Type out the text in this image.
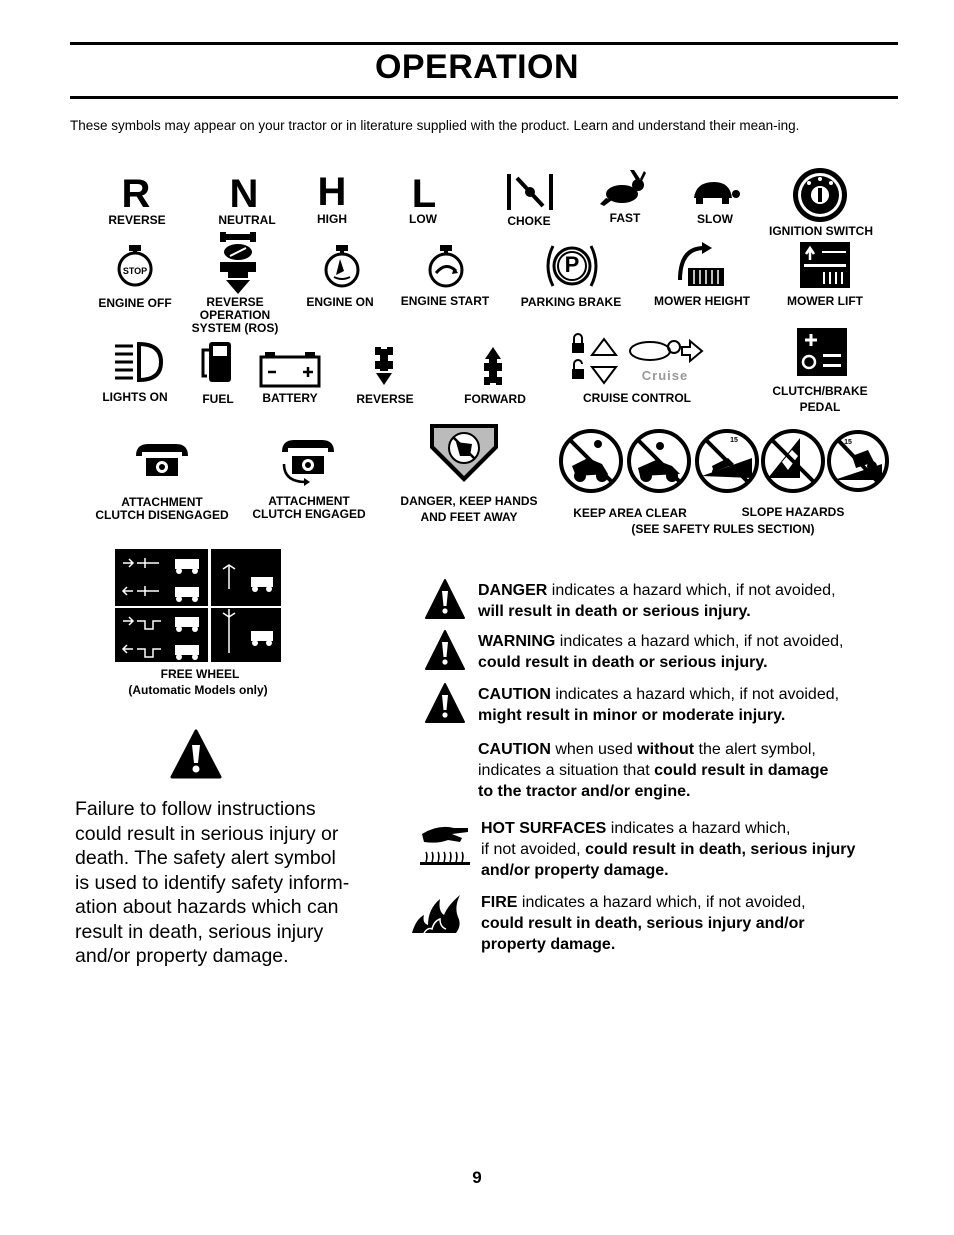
OPERATION
These symbols may appear on your tractor or in literature supplied with the product. Learn and understand their mean-ing.
R
REVERSE
N
NEUTRAL
H
HIGH
L
LOW	CHOKE	FAST	SLOW
IGNITION SWITCH
STOP
ENGINE OFF	REVERSE
OPERATION
SYSTEM (ROS)
ENGINE ON	ENGINE START
P
PARKING BRAKE	MOWER HEIGHT	MOWER LIFT
LIGHTS ON	FUEL	BATTERY	REVERSE	FORWARD
Cruise
CRUISE CONTROL	CLUTCH/BRAKE
PEDAL
ATTACHMENT
CLUTCH DISENGAGED
ATTACHMENT
CLUTCH ENGAGED
DANGER, KEEP HANDS
AND FEET AWAY
15	15
KEEP AREA CLEAR	SLOPE HAZARDS
(SEE SAFETY RULES SECTION)
FREE WHEEL
(Automatic Models only)
Failure to follow instructions
could result in serious injury or
death. The safety alert symbol
is used to identify safety inform-
ation about hazards which can
result in death, serious injury
and/or property damage.

DANGER indicates a hazard which, if not avoided,

will result in death or serious injury.

WARNING indicates a hazard which, if not avoided,

could result in death or serious injury.

CAUTION indicates a hazard which, if not avoided,

might result in minor or moderate injury.

CAUTION when used without the alert symbol,

indicates a situation that could result in damage

to the tractor and/or engine.

HOT SURFACES indicates a hazard which,

if not avoided, could result in death, serious injury

and/or property damage.

FIRE indicates a hazard which, if not avoided,

could result in death, serious injury and/or

property damage.

9
